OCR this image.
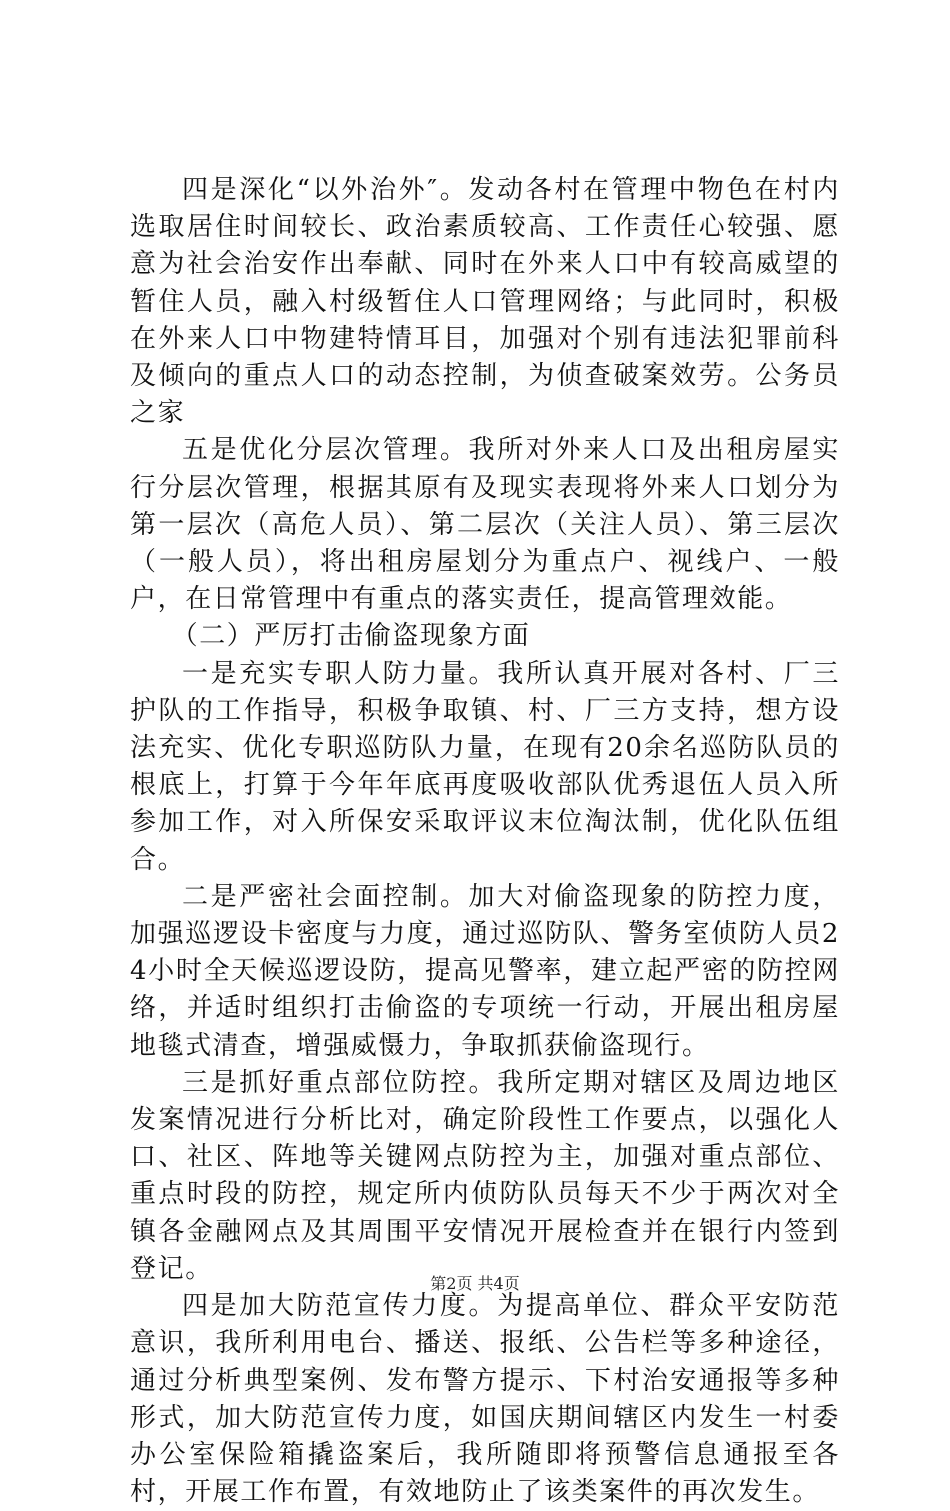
四是深化“以外治外″。发动各村在管理中物色在村内选取居住时间较长、政治素质较高、工作责任心较强、愿意为社会治安作出奉献、同时在外来人口中有较高威望的暂住人员，融入村级暂住人口管理网络；与此同时，积极在外来人口中物建特情耳目，加强对个别有违法犯罪前科及倾向的重点人口的动态控制，为侦查破案效劳。公务员之家

五是优化分层次管理。我所对外来人口及出租房屋实行分层次管理，根据其原有及现实表现将外来人口划分为第一层次（高危人员）、第二层次（关注人员）、第三层次（一般人员），将出租房屋划分为重点户、视线户、一般户，在日常管理中有重点的落实责任，提高管理效能。

（二）严厉打击偷盗现象方面

一是充实专职人防力量。我所认真开展对各村、厂三护队的工作指导，积极争取镇、村、厂三方支持，想方设法充实、优化专职巡防队力量，在现有20余名巡防队员的根底上，打算于今年年底再度吸收部队优秀退伍人员入所参加工作，对入所保安采取评议末位淘汰制，优化队伍组合。

二是严密社会面控制。加大对偷盗现象的防控力度，加强巡逻设卡密度与力度，通过巡防队、警务室侦防人员24小时全天候巡逻设防，提高见警率，建立起严密的防控网络，并适时组织打击偷盗的专项统一行动，开展出租房屋地毯式清查，增强威慑力，争取抓获偷盗现行。

三是抓好重点部位防控。我所定期对辖区及周边地区发案情况进行分析比对，确定阶段性工作要点，以强化人口、社区、阵地等关键网点防控为主，加强对重点部位、重点时段的防控，规定所内侦防队员每天不少于两次对全镇各金融网点及其周围平安情况开展检查并在银行内签到登记。

四是加大防范宣传力度。为提高单位、群众平安防范意识，我所利用电台、播送、报纸、公告栏等多种途径，通过分析典型案例、发布警方提示、下村治安通报等多种形式，加大防范宣传力度，如国庆期间辖区内发生一村委办公室保险箱撬盗案后，我所随即将预警信息通报至各村，开展工作布置，有效地防止了该类案件的再次发生。

第2页 共4页
